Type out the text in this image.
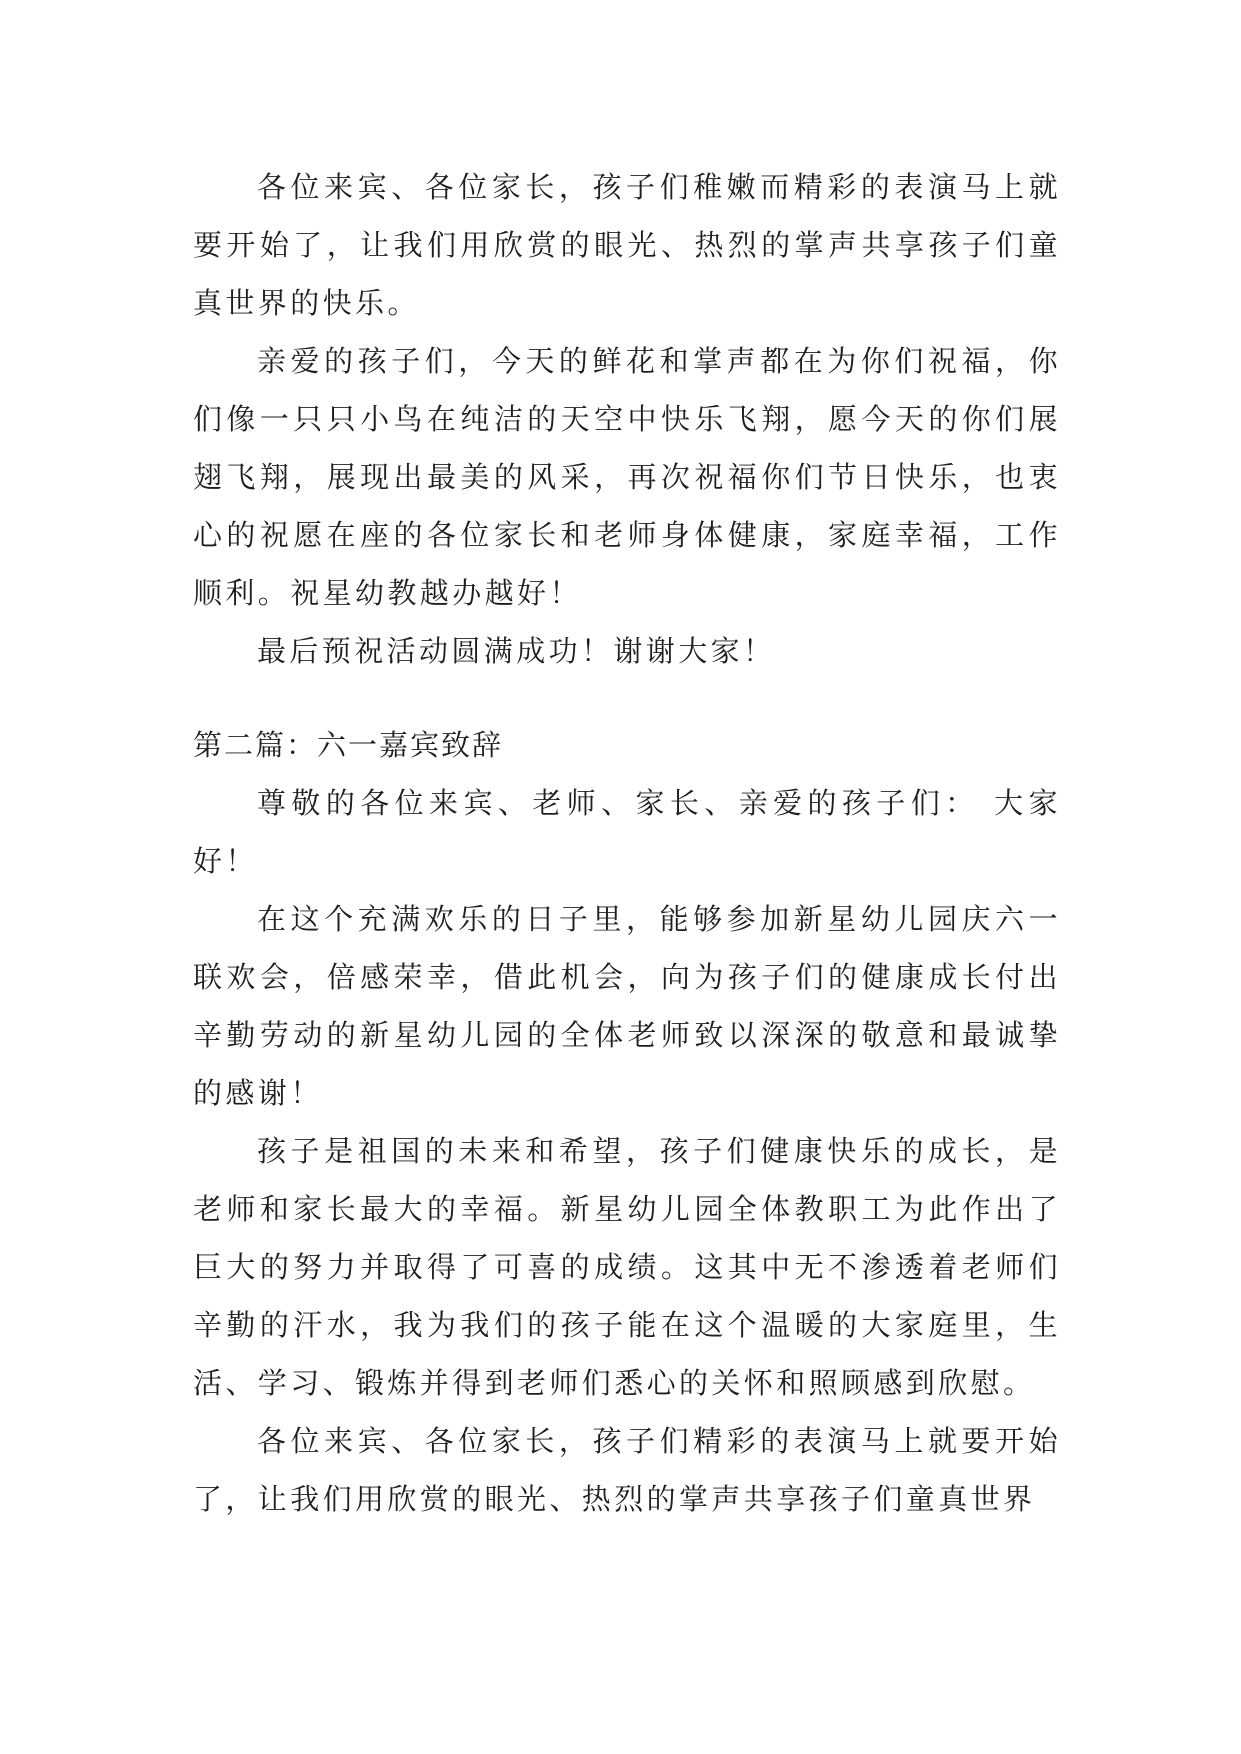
各位来宾、各位家长，孩子们稚嫩而精彩的表演马上就要开始了，让我们用欣赏的眼光、热烈的掌声共享孩子们童真世界的快乐。

亲爱的孩子们，今天的鲜花和掌声都在为你们祝福，你们像一只只小鸟在纯洁的天空中快乐飞翔，愿今天的你们展翅飞翔，展现出最美的风采，再次祝福你们节日快乐，也衷心的祝愿在座的各位家长和老师身体健康，家庭幸福，工作顺利。祝星幼教越办越好！

最后预祝活动圆满成功！谢谢大家！

第二篇：六一嘉宾致辞

尊敬的各位来宾、老师、家长、亲爱的孩子们： 大家好！

在这个充满欢乐的日子里，能够参加新星幼儿园庆六一联欢会，倍感荣幸，借此机会，向为孩子们的健康成长付出辛勤劳动的新星幼儿园的全体老师致以深深的敬意和最诚挚的感谢！

孩子是祖国的未来和希望，孩子们健康快乐的成长，是老师和家长最大的幸福。新星幼儿园全体教职工为此作出了巨大的努力并取得了可喜的成绩。这其中无不渗透着老师们辛勤的汗水，我为我们的孩子能在这个温暖的大家庭里，生活、学习、锻炼并得到老师们悉心的关怀和照顾感到欣慰。

各位来宾、各位家长，孩子们精彩的表演马上就要开始了，让我们用欣赏的眼光、热烈的掌声共享孩子们童真世界
